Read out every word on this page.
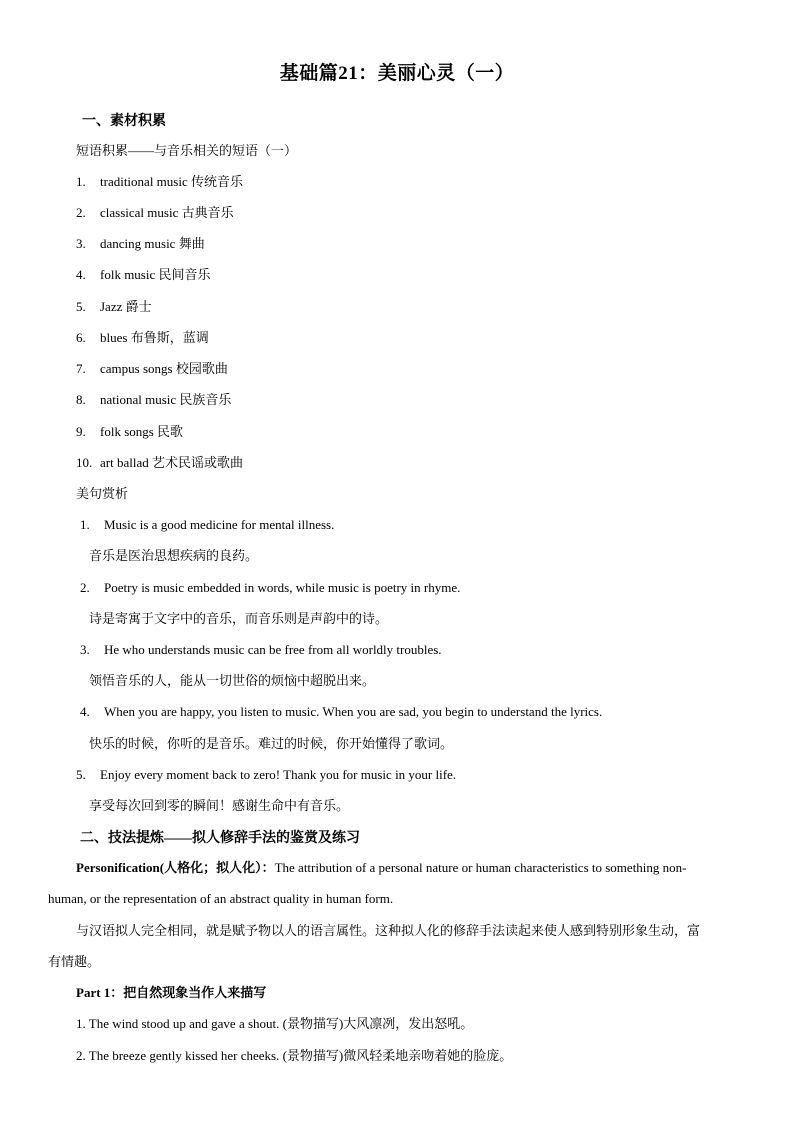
基础篇21：美丽心灵（一）
一、素材积累
短语积累——与音乐相关的短语（一）
1. traditional music 传统音乐
2. classical music 古典音乐
3. dancing music 舞曲
4. folk music 民间音乐
5. Jazz 爵士
6. blues 布鲁斯，蓝调
7. campus songs 校园歌曲
8. national music 民族音乐
9. folk songs 民歌
10. art ballad 艺术民谣或歌曲
美句赏析
1. Music is a good medicine for mental illness.
音乐是医治思想疾病的良药。
2. Poetry is music embedded in words, while music is poetry in rhyme.
诗是寄寓于文字中的音乐，而音乐则是声韵中的诗。
3. He who understands music can be free from all worldly troubles.
领悟音乐的人，能从一切世俗的烦恼中超脱出来。
4. When you are happy, you listen to music. When you are sad, you begin to understand the lyrics.
快乐的时候，你听的是音乐。难过的时候，你开始懂得了歌词。
5. Enjoy every moment back to zero! Thank you for music in your life.
享受每次回到零的瞬间！感谢生命中有音乐。
二、技法提炼——拟人修辞手法的鉴赏及练习
Personification(人格化；拟人化）：The attribution of a personal nature or human characteristics to something non-
human, or the representation of an abstract quality in human form.
与汉语拟人完全相同，就是赋予物以人的语言属性。这种拟人化的修辞手法读起来使人感到特别形象生动，富
有情趣。
Part 1：把自然现象当作人来描写
1. The wind stood up and gave a shout. (景物描写)大风凛冽，发出怒吼。
2. The breeze gently kissed her cheeks. (景物描写)微风轻柔地亲吻着她的脸庞。
